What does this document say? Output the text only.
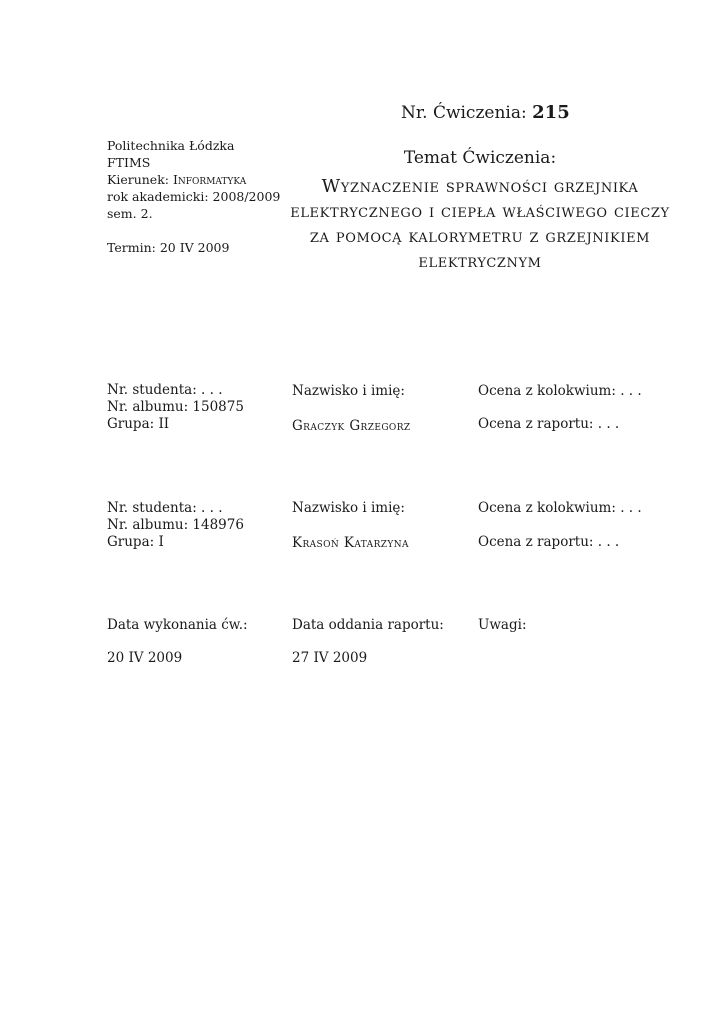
Nr. Ćwiczenia: 215
Politechnika Łódzka
FTIMS
Kierunek: Informatyka
rok akademicki: 2008/2009
sem. 2.
Termin: 20 IV 2009
Temat Ćwiczenia:
Wyznaczenie sprawności grzejnika elektrycznego i ciepła właściwego cieczy za pomocą kalorymetru z grzejnikiem elektrycznym
Nr. studenta: . . .
Nr. albumu: 150875
Grupa: II
Nazwisko i imię:
Graczyk Grzegorz
Ocena z kolokwium: . . .
Ocena z raportu: . . .
Nr. studenta: . . .
Nr. albumu: 148976
Grupa: I
Nazwisko i imię:
Krasoń Katarzyna
Ocena z kolokwium: . . .
Ocena z raportu: . . .
Data wykonania ćw.:
20 IV 2009
Data oddania raportu:
27 IV 2009
Uwagi:
